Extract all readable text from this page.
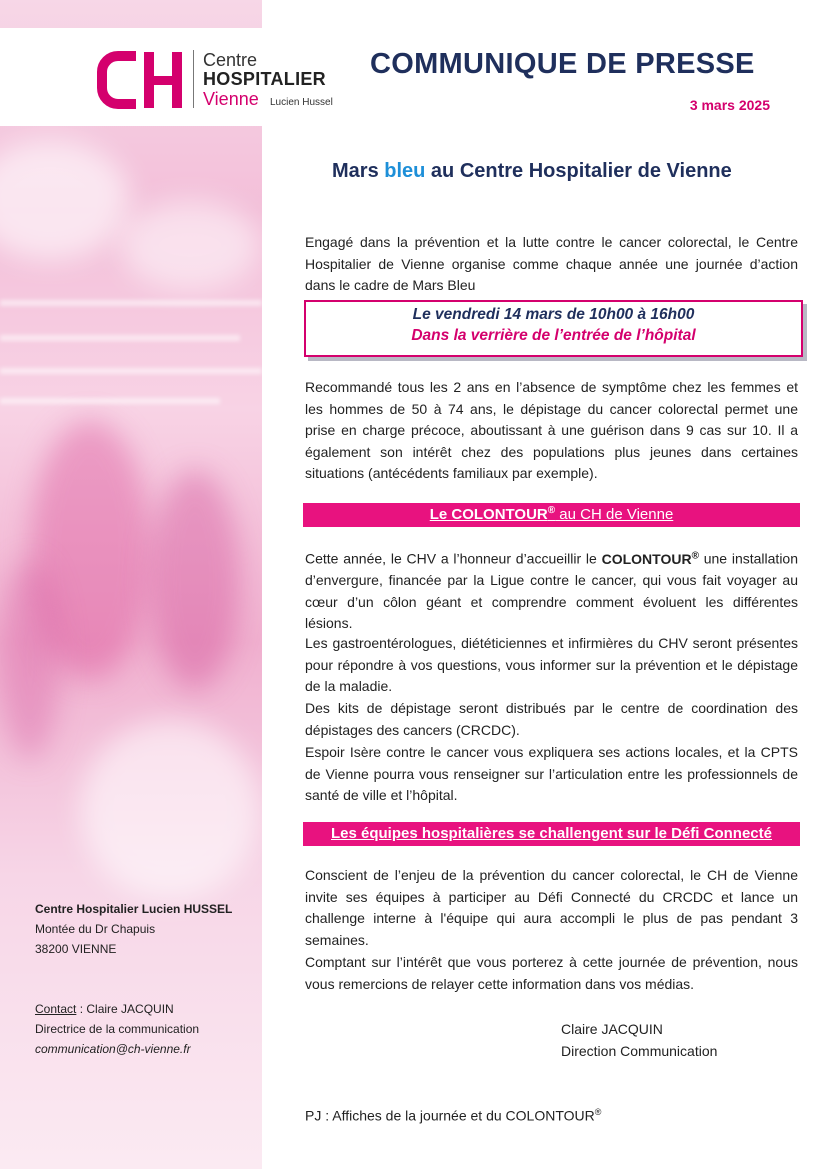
Centre
HOSPITALIER
Vienne Lucien Hussel
COMMUNIQUE DE PRESSE
3 mars 2025
Mars bleu au Centre Hospitalier de Vienne

Engagé dans la prévention et la lutte contre le cancer colorectal, le Centre Hospitalier de Vienne organise comme chaque année une journée d’action dans le cadre de Mars Bleu

Le vendredi 14 mars de 10h00 à 16h00
Dans la verrière de l’entrée de l’hôpital

Recommandé tous les 2 ans en l’absence de symptôme chez les femmes et les hommes de 50 à 74 ans, le dépistage du cancer colorectal permet une prise en charge précoce, aboutissant à une guérison dans 9 cas sur 10. Il a également son intérêt chez des populations plus jeunes dans certaines situations (antécédents familiaux par exemple).

Le COLONTOUR® au CH de Vienne

Cette année, le CHV a l’honneur d’accueillir le COLONTOUR® une installation d’envergure, financée par la Ligue contre le cancer, qui vous fait voyager au cœur d’un côlon géant et comprendre comment évoluent les différentes lésions.

Les gastroentérologues, diététiciennes et infirmières du CHV seront présentes pour répondre à vos questions, vous informer sur la prévention et le dépistage de la maladie.

Des kits de dépistage seront distribués par le centre de coordination des dépistages des cancers (CRCDC).

Espoir Isère contre le cancer vous expliquera ses actions locales, et la CPTS de Vienne pourra vous renseigner sur l’articulation entre les professionnels de santé de ville et l’hôpital.

Les équipes hospitalières se challengent sur le Défi Connecté

Conscient de l’enjeu de la prévention du cancer colorectal, le CH de Vienne invite ses équipes à participer au Défi Connecté du CRCDC et lance un challenge interne à l'équipe qui aura accompli le plus de pas pendant 3 semaines.

Comptant sur l’intérêt que vous porterez à cette journée de prévention, nous vous remercions de relayer cette information dans vos médias.

Claire JACQUIN
Direction Communication
PJ : Affiches de la journée et du COLONTOUR®
Centre Hospitalier Lucien HUSSEL
Montée du Dr Chapuis
38200 VIENNE
Contact : Claire JACQUIN
Directrice de la communication
communication@ch-vienne.fr
